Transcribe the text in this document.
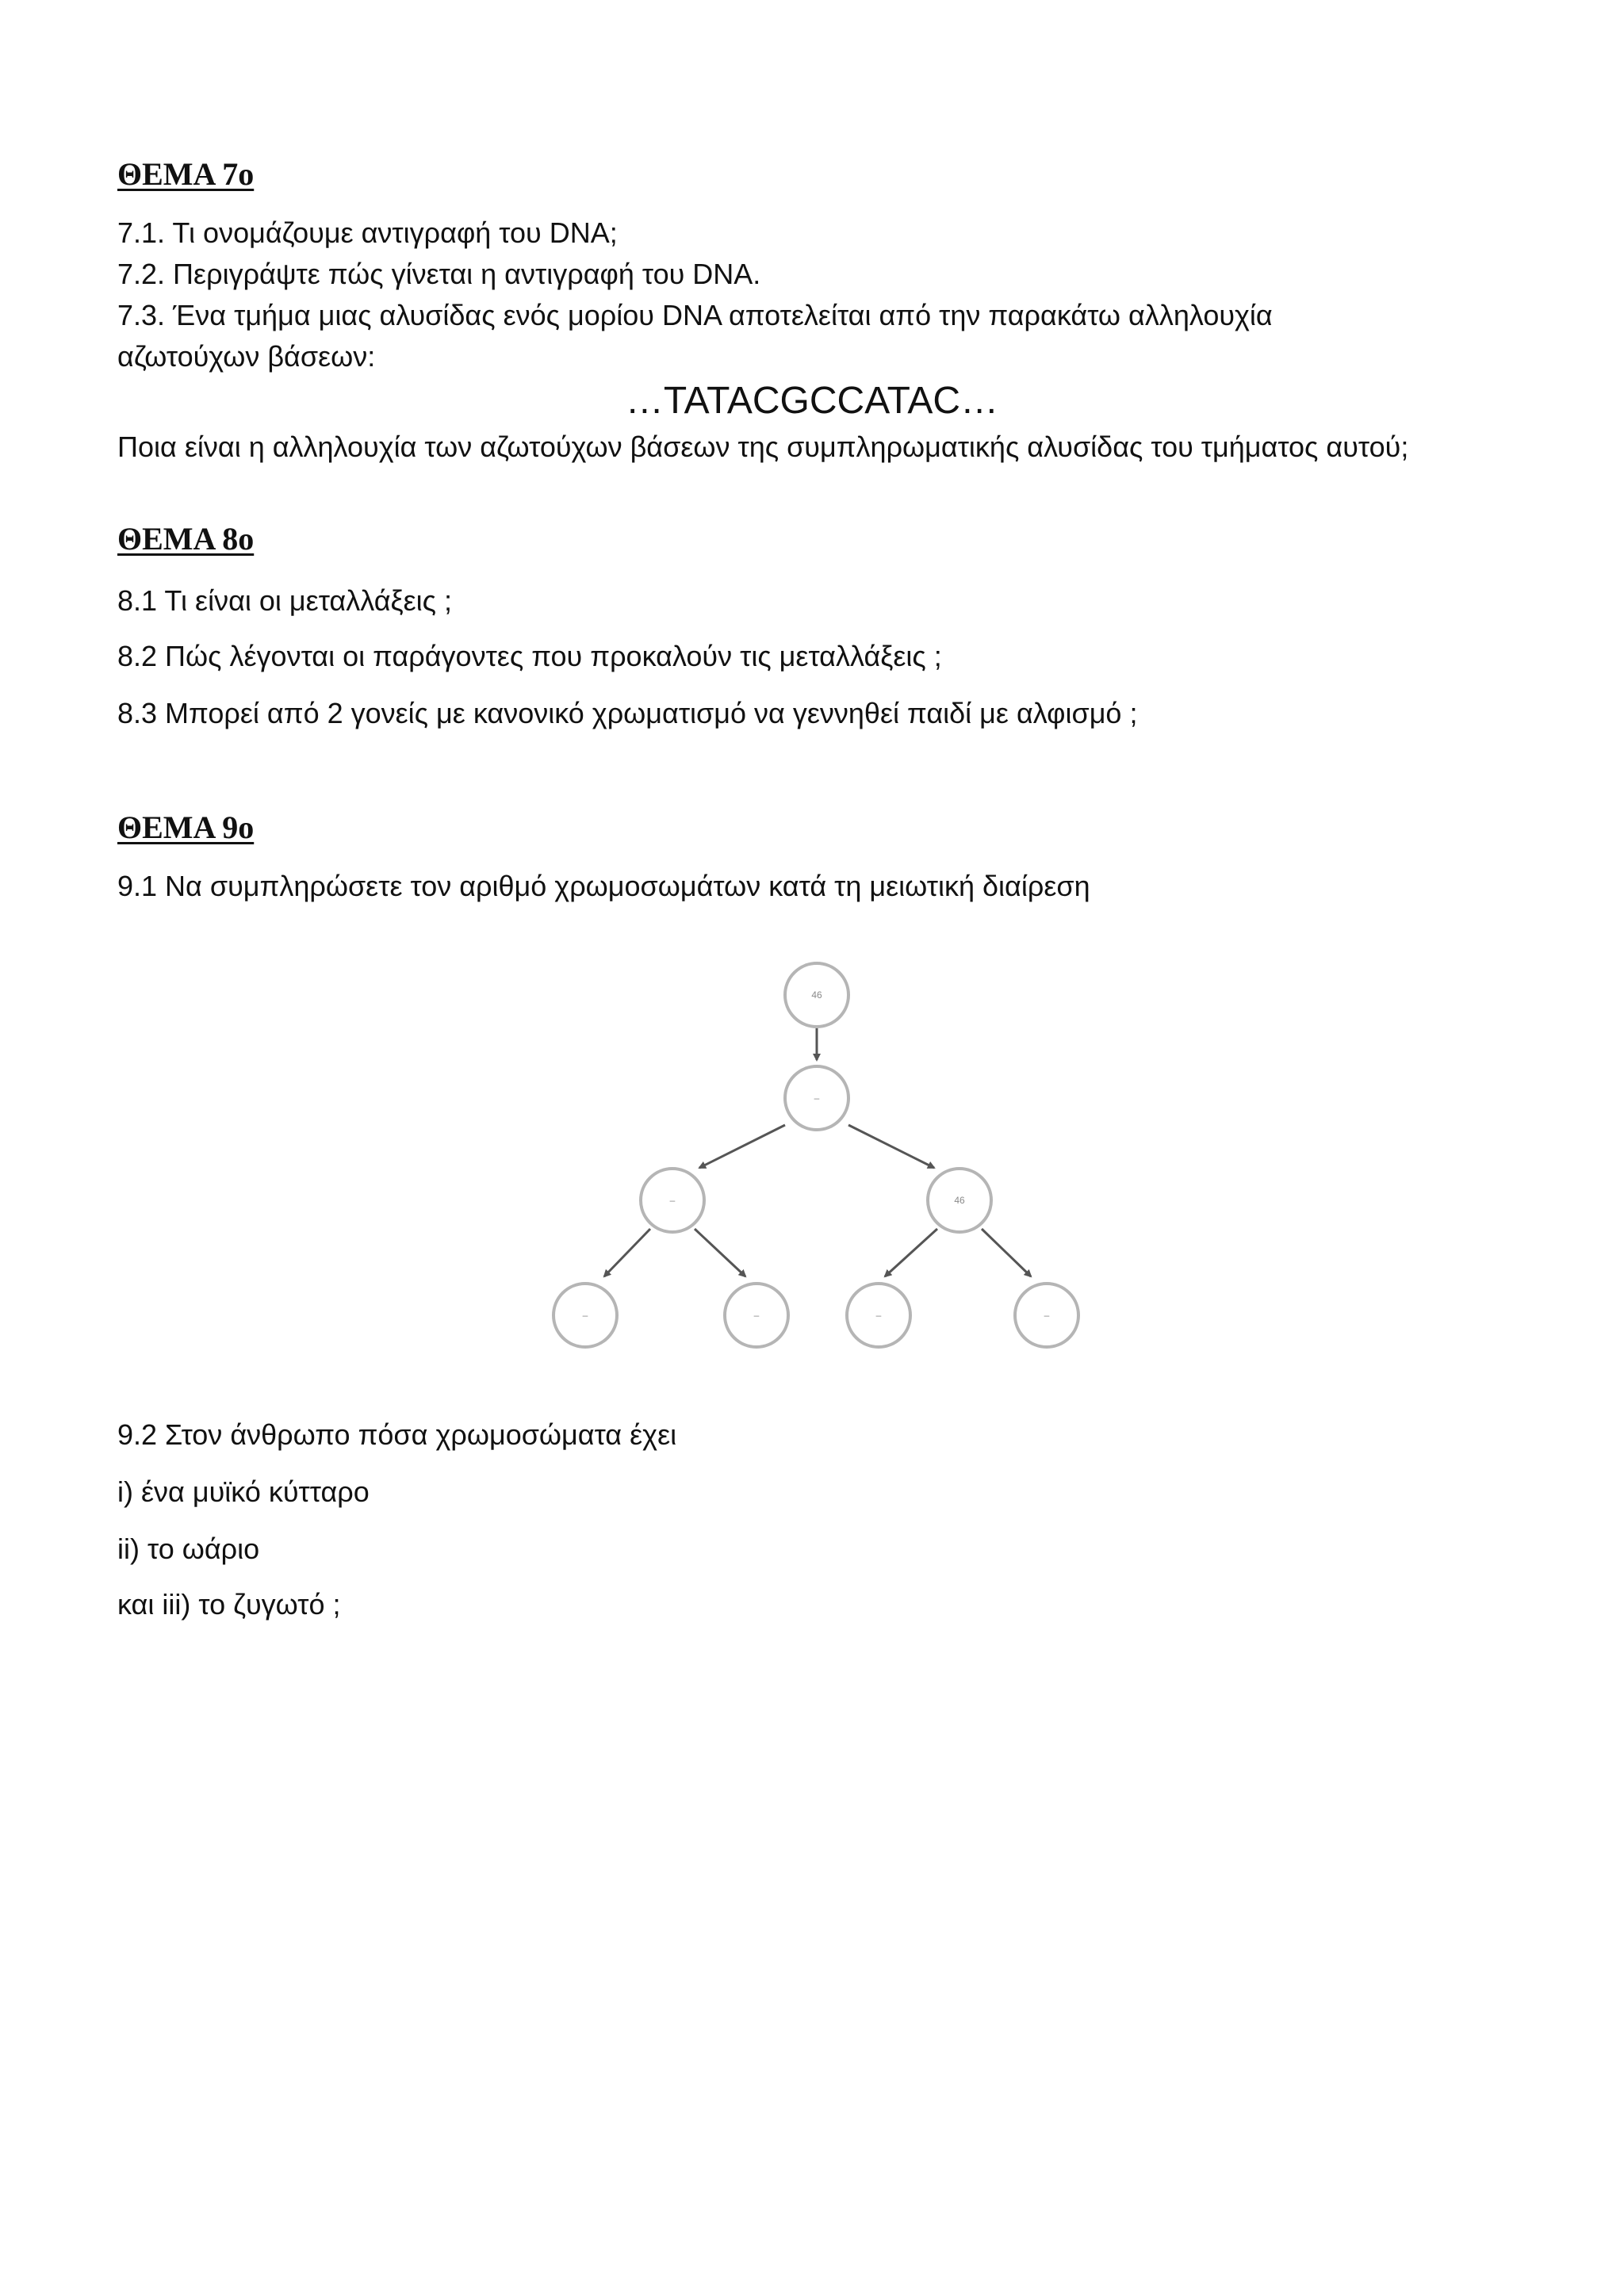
ΘΕΜΑ 7ο
7.1. Τι ονομάζουμε αντιγραφή του DNA;
7.2. Περιγράψτε πώς γίνεται η αντιγραφή του DNA.
7.3. Ένα τμήμα μιας αλυσίδας ενός μορίου DNA αποτελείται από την παρακάτω αλληλουχία
αζωτούχων βάσεων:
…TATACGCCATAC…
Ποια είναι η αλληλουχία των αζωτούχων βάσεων της συμπληρωματικής αλυσίδας του τμήματος αυτού;
ΘΕΜΑ 8ο
8.1 Τι είναι οι μεταλλάξεις ;
8.2 Πώς λέγονται οι παράγοντες που προκαλούν τις μεταλλάξεις ;
8.3 Μπορεί από 2 γονείς με κανονικό χρωματισμό να γεννηθεί παιδί με αλφισμό ;
ΘΕΜΑ 9ο
9.1 Να συμπληρώσετε τον αριθμό χρωμοσωμάτων κατά τη μειωτική διαίρεση
46
–
–	46
–	–	–	–
9.2 Στον άνθρωπο πόσα χρωμοσώματα έχει
i) ένα μυϊκό κύτταρο
ii) το ωάριο
και iii) το ζυγωτό ;
